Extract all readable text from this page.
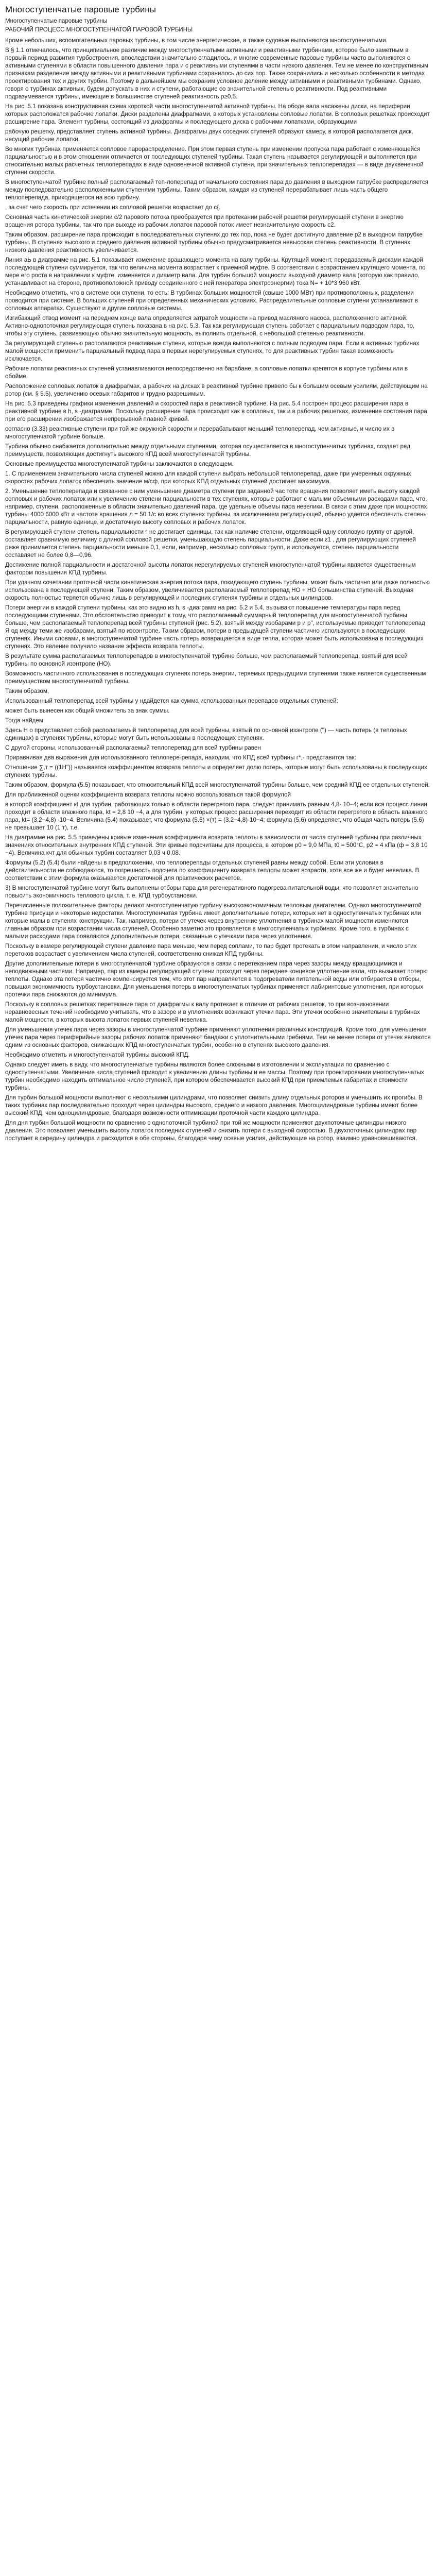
Многоступенчатые паровые турбины
Многоступенчатые паровые турбины
РАБОЧИЙ ПРОЦЕСС МНОГОСТУПЕНЧАТОЙ ПАРОВОЙ ТУРБИНЫ

Кроме небольших, вспомогательных паровых турбины, в том числе энергетические, а также судовые выполняются многоступенчатыми.

В § 1.1 отмечалось, что принципиальное различие между многоступенчатыми активными и реактивными турбинами, которое было заметным в первый период развития турбостроения, впоследствии значительно сгладилось, и многие современные паровые турбины часто выполняются с активными ступенями в области повышенного давления пара и с реактивными ступенями в части низкого давления. Тем не менее по конструктивным признакам разделение между активными и реактивными турбинами сохранилось до сих пор. Также сохранились и несколько особенности в методах проектирования тех и других турбин. Поэтому в дальнейшем мы сохраним условное деление между активными и реактивными турбинами. Однако, говоря о турбинах активных, будем допускать в них и ступени, работающие со значительной степенью реактивности. Под реактивными подразумевается турбины, имеющие в большинстве ступеней реактивность ρ≥0,5.

На рис. 5.1 показана конструктивная схема короткой части многоступенчатой активной турбины. На ободе вала насажены диски, на периферии которых расположатся рабочие лопатки. Диски разделены диафрагмами, в которых установлены сопловые лопатки. В сопловых решетках происходит расширение пара. Элемент турбины, состоящий из диафрагмы и последующего диска с рабочими лопатками, образующими

рабочую решетку, представляет ступень активной турбины. Диафрагмы двух соседних ступеней образуют камеру, в которой располагается диск, несущий рабочие лопатки.

Во многих турбинах применяется сопловое парораспределение. При этом первая ступень при изменении пропуска пара работает с изменяющейся парциальностью и в этом отношении отличается от последующих ступеней турбины. Такая ступень называется регулирующей и выполняется при относительно малых расчетных теплоперепадах в виде одновенечной активной ступени, при значительных теплоперепадах — в виде двухвенечной ступени скорости.

В многоступенчатой турбине полный располагаемый теп-лоперепад от начального состояния пара до давления в выходном патрубке распределяется между последовательно расположенными ступенями турбины. Таким образом, каждая из ступеней перерабатывает лишь часть общего теплоперепада, приходящегося на всю турбину.

, за счет чего скорость при истечении из сопловой решетки возрастает до с{.

Основная часть кинетической энергии с/2 парового потока преобразуется при протекании рабочей решетки регулирующей ступени в энергию вращения ротора турбины, так что при выходе из рабочих лопаток паровой поток имеет незначительную скорость с2.

Таким образом, расширение пара происходит в последовательных ступенях до тех пор, пока не будет достигнуто давление р2 в выходном патрубке турбины. В ступенях высокого и среднего давления активной турбины обычно предусматривается невысокая степень реактивности. В ступенях низкого давления реактивность увеличивается.

Линия аЬ в диаграмме на рис. 5.1 показывает изменение вращающего момента на валу турбины. Крутящий момент, передаваемый дисками каждой последующей ступени суммируется, так что величина момента возрастает к приемной муфте. В соответствии с возрастанием крутящего момента, по мере его роста в направлении к муфте, изменяется и диаметр вала. Для турбин большой мощности выходной диаметр вала (которую как правило, устанавливают на стороне, противоположной приводу соединенного с ней генератора электроэнергии) тока N= + 10*3 960 кВт.

Необходимо отметить, что в системе оси ступени, то есть: В турбинах больших мощностей (свыше 1000 МВт) при противоположных, разделении проводится при системе. В больших ступеней при определенных механических условиях. Распределительные сопловые ступени устанавливают в сопловых аппаратах. Существуют и другие сопловые системы.

Изгибающий отвод момент на переднем конце вала определяется затратой мощности на привод масляного насоса, расположенного активной. Активно-однопоточная регулирующая ступень показана в на рис. 5.3. Так как регулирующая ступень работает с парциальным подводом пара, то, чтобы эту ступень, развивающую обычно значительную мощность, выполнить отдельной, с небольшой степенью реактивности.

За регулирующей ступенью располагаются реактивные ступени, которые всегда выполняются с полным подводом пара. Если в активных турбинах малой мощности применить парциальный подвод пара в первых нерегулируемых ступенях, то для реактивных турбин такая возможность исключается.

Рабочие лопатки реактивных ступеней устанавливаются непосредственно на барабане, а сопловые лопатки крепятся в корпусе турбины или в обойме.

Расположение сопловых лопаток в диафрагмах, а рабочих на дисках в реактивной турбине привело бы к большим осевым усилиям, действующим на ротор (см. § 5.5), увеличению осевых габаритов и трудно разрешимым.

На рис. 5.3 приведены графики изменения давлений и скоростей пара в реактивной турбине. На рис. 5.4 построен процесс расширения пара в реактивной турбине в h, s -диаграмме. Поскольку расширение пара происходит как в сопловых, так и в рабочих решетках, изменение состояния пара при его расширении изображается непрерывной плавной кривой.

согласно (3.33) реактивные ступени при той же окружной скорости и перерабатывают меньший теплоперепад, чем активные, и число их в многоступенчатой турбине больше.

Турбина обычно снабжается дополнительно между отдельными ступенями, которая осуществляется в многоступенчатых турбинах, создает ряд преимуществ, позволяющих достигнуть высокого КПД всей многоступенчатой турбины.

Основные преимущества многоступенчатой турбины заключаются в следующем.

1. С применением значительного числа ступеней можно для каждой ступени выбрать небольшой теплоперепад, даже при умеренных окружных скоростях рабочих лопаток обеспечить значение м/сф, при которых КПД отдельных ступеней достигает максимума.

2. Уменьшение теплоперепада и связанное с ним уменьшение диаметра ступени при заданной час тоте вращения позволяет иметь высоту каждой сопловых и рабочих лопаток или к увеличению степени парциальности в тех ступенях, которые работают с малыми объемными расходами пара, что, например, ступени, расположенные в области значительно давлений пара, где удельные объемы пара невелики. В связи с этим даже при мощностях турбины 4000 6000 кВт и частоте вращения л = 50 1/с во всех ступенях турбины, за исключением регулирующей, обычно удается обеспечить степень парциальности, равную единице, и достаточную высоту сопловых и рабочих лопаток.

В регулирующей ступени степень парциальности ᵉ не достигает единицы, так как наличие степени, отделяющей одну сопловую группу от другой, составляет сравнимую величину с длиной сопловой решетки, уменьшающую степень парциальности. Даже если ε1 , для регулирующих ступеней реже принимается степень парциальности меньше 0,1, если, например, несколько сопловых групп, и используется, степень парциальности составляет не более 0,8—0,96.

Достижение полной парциальности и достаточной высоты лопаток нерегулируемых ступеней многоступенчатой турбины является существенным фактором повышения КПД турбины.

При удачном сочетании проточной части кинетическая энергия потока пара, покидающего ступень турбины, может быть частично или даже полностью использована в последующей ступени. Таким образом, увеличивается располагаемый теплоперепад НО + НО большинства ступеней. Выходная скорость полностью теряется обычно лишь в регулирующей и последних ступенях турбины и отдельных цилиндров.

Потери энергии в каждой ступени турбины, как это видно из h, s -диаграмм на рис. 5.2 и 5.4, вызывают повышение температуры пара перед последующими ступенями. Это обстоятельство приводит к тому, что располагаемый суммарный теплоперепад для многоступенчатой турбины больше, чем располагаемый теплоперепад всей турбины ступеней (рис. 5.2), взятый между изобарами р и р", используемые приведет теплоперепад Я од между теми же изобарами, взятый по изоэнтропе. Таким образом, потери в предыдущей ступени частично используются в последующих ступенях. Иными словами, в многоступенчатой турбине часть потерь возвращается в виде тепла, которая может быть использована в последующих ступенях. Это явление получило название эффекта возврата теплоты.

В результате сумма располагаемых теплоперепадов в многоступенчатой турбине больше, чем располагаемый теплоперепад, взятый для всей турбины по основной изэнтропе (НО).

Возможность частичного использования в последующих ступенях потерь энергии, теряемых предыдущими ступенями также является существенным преимуществом многоступенчатой турбины.

Таким образом,

Использованный теплоперепад всей турбины у ндайдется как сумма использованных перепадов отдельных ступеней:

может быть вынесен как общий множитель за знак суммы.

Тогда найдем

Здесь Н о представляет собой располагаемый теплоперепад для всей турбины, взятый по основной изэнтропе (") — часть потерь (в тепловых единицах) в ступенях турбины, которые могут быть использованы в последующих ступенях.

С другой стороны, использованный располагаемый теплоперепад для всей турбины равен

Приравнивая два выражения для использованного теплопере-репада, находим, что КПД всей турбины г*,- представится так:

Отношение ∑,т = ((1H")) называется коэффициентом возврата теплоты и определяет долю потерь, которые могут быть использованы в последующих ступенях турбины.

Таким образом, формула (5.5) показывает, что относительный КПД всей многоступенчатой турбины больше, чем средний КПД ее отдельных ступеней.

Для приближенной оценки коэффициента возврата теплоты можно воспользоваться такой формулой

в которой коэффициент кt для турбин, работающих только в области перегретого пара, следует принимать равным 4,8· 10−4; если вся процесс линии проходит в области влажного пара, kt = 2,8 10 −4, a для турбин, у которых процесс расширения переходит из области перегретого в область влажного пара, kt= (3,2−4,8) ·10−4. Величина (5.4) показывает, что формула (5.6) ×(т) = (3,2−4,8)·10−4; формула (5.6) определяет, что общая часть потерь (5.6) не превышает 10 (1 т), т.е.

На диаграмме на рис. 5.5 приведены кривые изменения коэффициента возврата теплоты в зависимости от числа ступеней турбины при различных значениях относительных внутренних КПД ступеней. Эти кривые подсчитаны для процесса, в котором р0 = 9,0 МПа, t0 = 500°С, р2 = 4 кПа (ф = 3,8 10 −4). Величина кчт для обычных турбин составляет 0,03 ч 0,08.

Формулы (5.2) (5.4) были найдены в предположении, что теплоперепады отдельных ступеней равны между собой. Если эти условия в действительности не соблюдаются, то погрешность подсчета по коэффициенту возврата теплоты может возрасти, хотя все же и будет невелика. В соответствии с этим формула оказывается достаточной для практических расчетов.

3) В многоступенчатой турбине могут быть выполнены отборы пара для регенеративного подогрева питательной воды, что позволяет значительно повысить экономичность теплового цикла, т. е. КПД турбоустановки.

Перечисленные положительные факторы делают многоступенчатую турбину высокоэкономичным тепловым двигателем. Однако многоступенчатой турбине присущи и некоторые недостатки. Многоступенчатая турбина имеет дополнительные потери, которых нет в одноступенчатых турбинах или которые малы в ступенях конструкции. Так, например, потери от утечек через внутренние уплотнения в турбинах малой мощности изменяются главным образом при возрастании числа ступеней. Особенно заметно это проявляется в многоступенчатых турбинах. Кроме того, в турбинах с малыми расходами пара появляются дополнительные потери, связанные с утечками пара через уплотнения.

Поскольку в камере регулирующей ступени давление пара меньше, чем перед соплами, то пар будет протекать в этом направлении, и число этих перетоков возрастает с увеличением числа ступеней, соответственно снижая КПД турбины.

Другие дополнительные потери в многоступенчатой турбине образуются в связи с перетеканием пара через зазоры между вращающимися и неподвижными частями. Например, пар из камеры регулирующей ступени проходит через переднее концевое уплотнение вала, что вызывает потерю теплоты. Однако эта потеря частично компенсируется тем, что этот пар направляется в подогреватели питательной воды или отбирается в отборы, повышая экономичность турбоустановки. Для уменьшения потерь в многоступенчатых турбинах применяют лабиринтовые уплотнения, при которых протечки пара снижаются до минимума.

Поскольку в сопловых решетках перетекание пара от диафрагмы к валу протекает в отличие от рабочих решеток, то при возникновении неравновесных течений необходимо учитывать, что в зазоре и в уплотнениях возникают утечки пара. Эти утечки особенно значительны в турбинах малой мощности, в которых высота лопаток первых ступеней невелика.

Для уменьшения утечек пара через зазоры в многоступенчатой турбине применяют уплотнения различных конструкций. Кроме того, для уменьшения утечек пара через периферийные зазоры рабочих лопаток применяют бандажи с уплотнительными гребнями. Тем не менее потери от утечек являются одним из основных факторов, снижающих КПД многоступенчатых турбин, особенно в ступенях высокого давления.

Необходимо отметить и многоступенчатой турбины высокий КПД.

Однако следует иметь в виду, что многоступенчатые турбины являются более сложными в изготовлении и эксплуатации по сравнению с одноступенчатыми. Увеличение числа ступеней приводит к увеличению длины турбины и ее массы. Поэтому при проектировании многоступенчатых турбин необходимо находить оптимальное число ступеней, при котором обеспечивается высокий КПД при приемлемых габаритах и стоимости турбины.

Для турбин большой мощности выполняют с несколькими цилиндрами, что позволяет снизить длину отдельных роторов и уменьшить их прогибы. В таких турбинах пар последовательно проходит через цилиндры высокого, среднего и низкого давления. Многоцилиндровые турбины имеют более высокий КПД, чем одноцилиндровые, благодаря возможности оптимизации проточной части каждого цилиндра.

Для дня турбин большой мощности по сравнению с однопоточной турбиной при той же мощности применяют двухпоточные цилиндры низкого давления. Это позволяет уменьшить высоту лопаток последних ступеней и снизить потери с выходной скоростью. В двухпоточных цилиндрах пар поступает в середину цилиндра и расходится в обе стороны, благодаря чему осевые усилия, действующие на ротор, взаимно уравновешиваются.
